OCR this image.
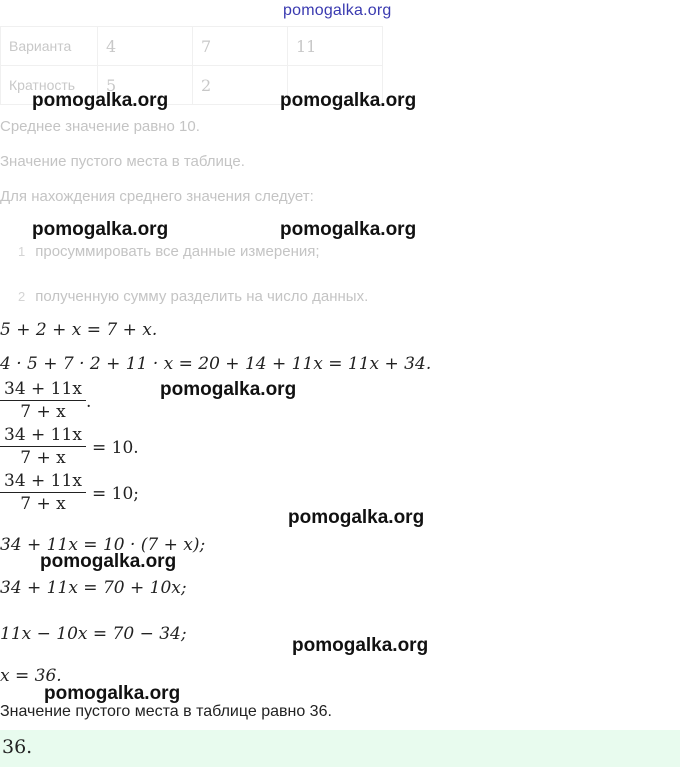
pomogalka.org
Варианта	4	7	11
Кратность	5	2	
Среднее значение равно 10.
Значение пустого места в таблице.
Для нахождения среднего значения следует:
1 просуммировать все данные измерения;
2 полученную сумму разделить на число данных.
5 + 2 + x = 7 + x.
4 · 5 + 7 · 2 + 11 · x = 20 + 14 + 11x = 11x + 34.
$\frac{34 + 11x}{7 + x}$ .
$\frac{34 + 11x}{7 + x} = 10$.
$\frac{34 + 11x}{7 + x} = 10$;
34 + 11x = 10 · (7 + x);
34 + 11x = 70 + 10x;
11x − 10x = 70 − 34;
x = 36.
Значение пустого места в таблице равно 36.
36.
pomogalka.org	pomogalka.org
pomogalka.org	pomogalka.org
pomogalka.org
pomogalka.org
pomogalka.org
pomogalka.org
pomogalka.org
